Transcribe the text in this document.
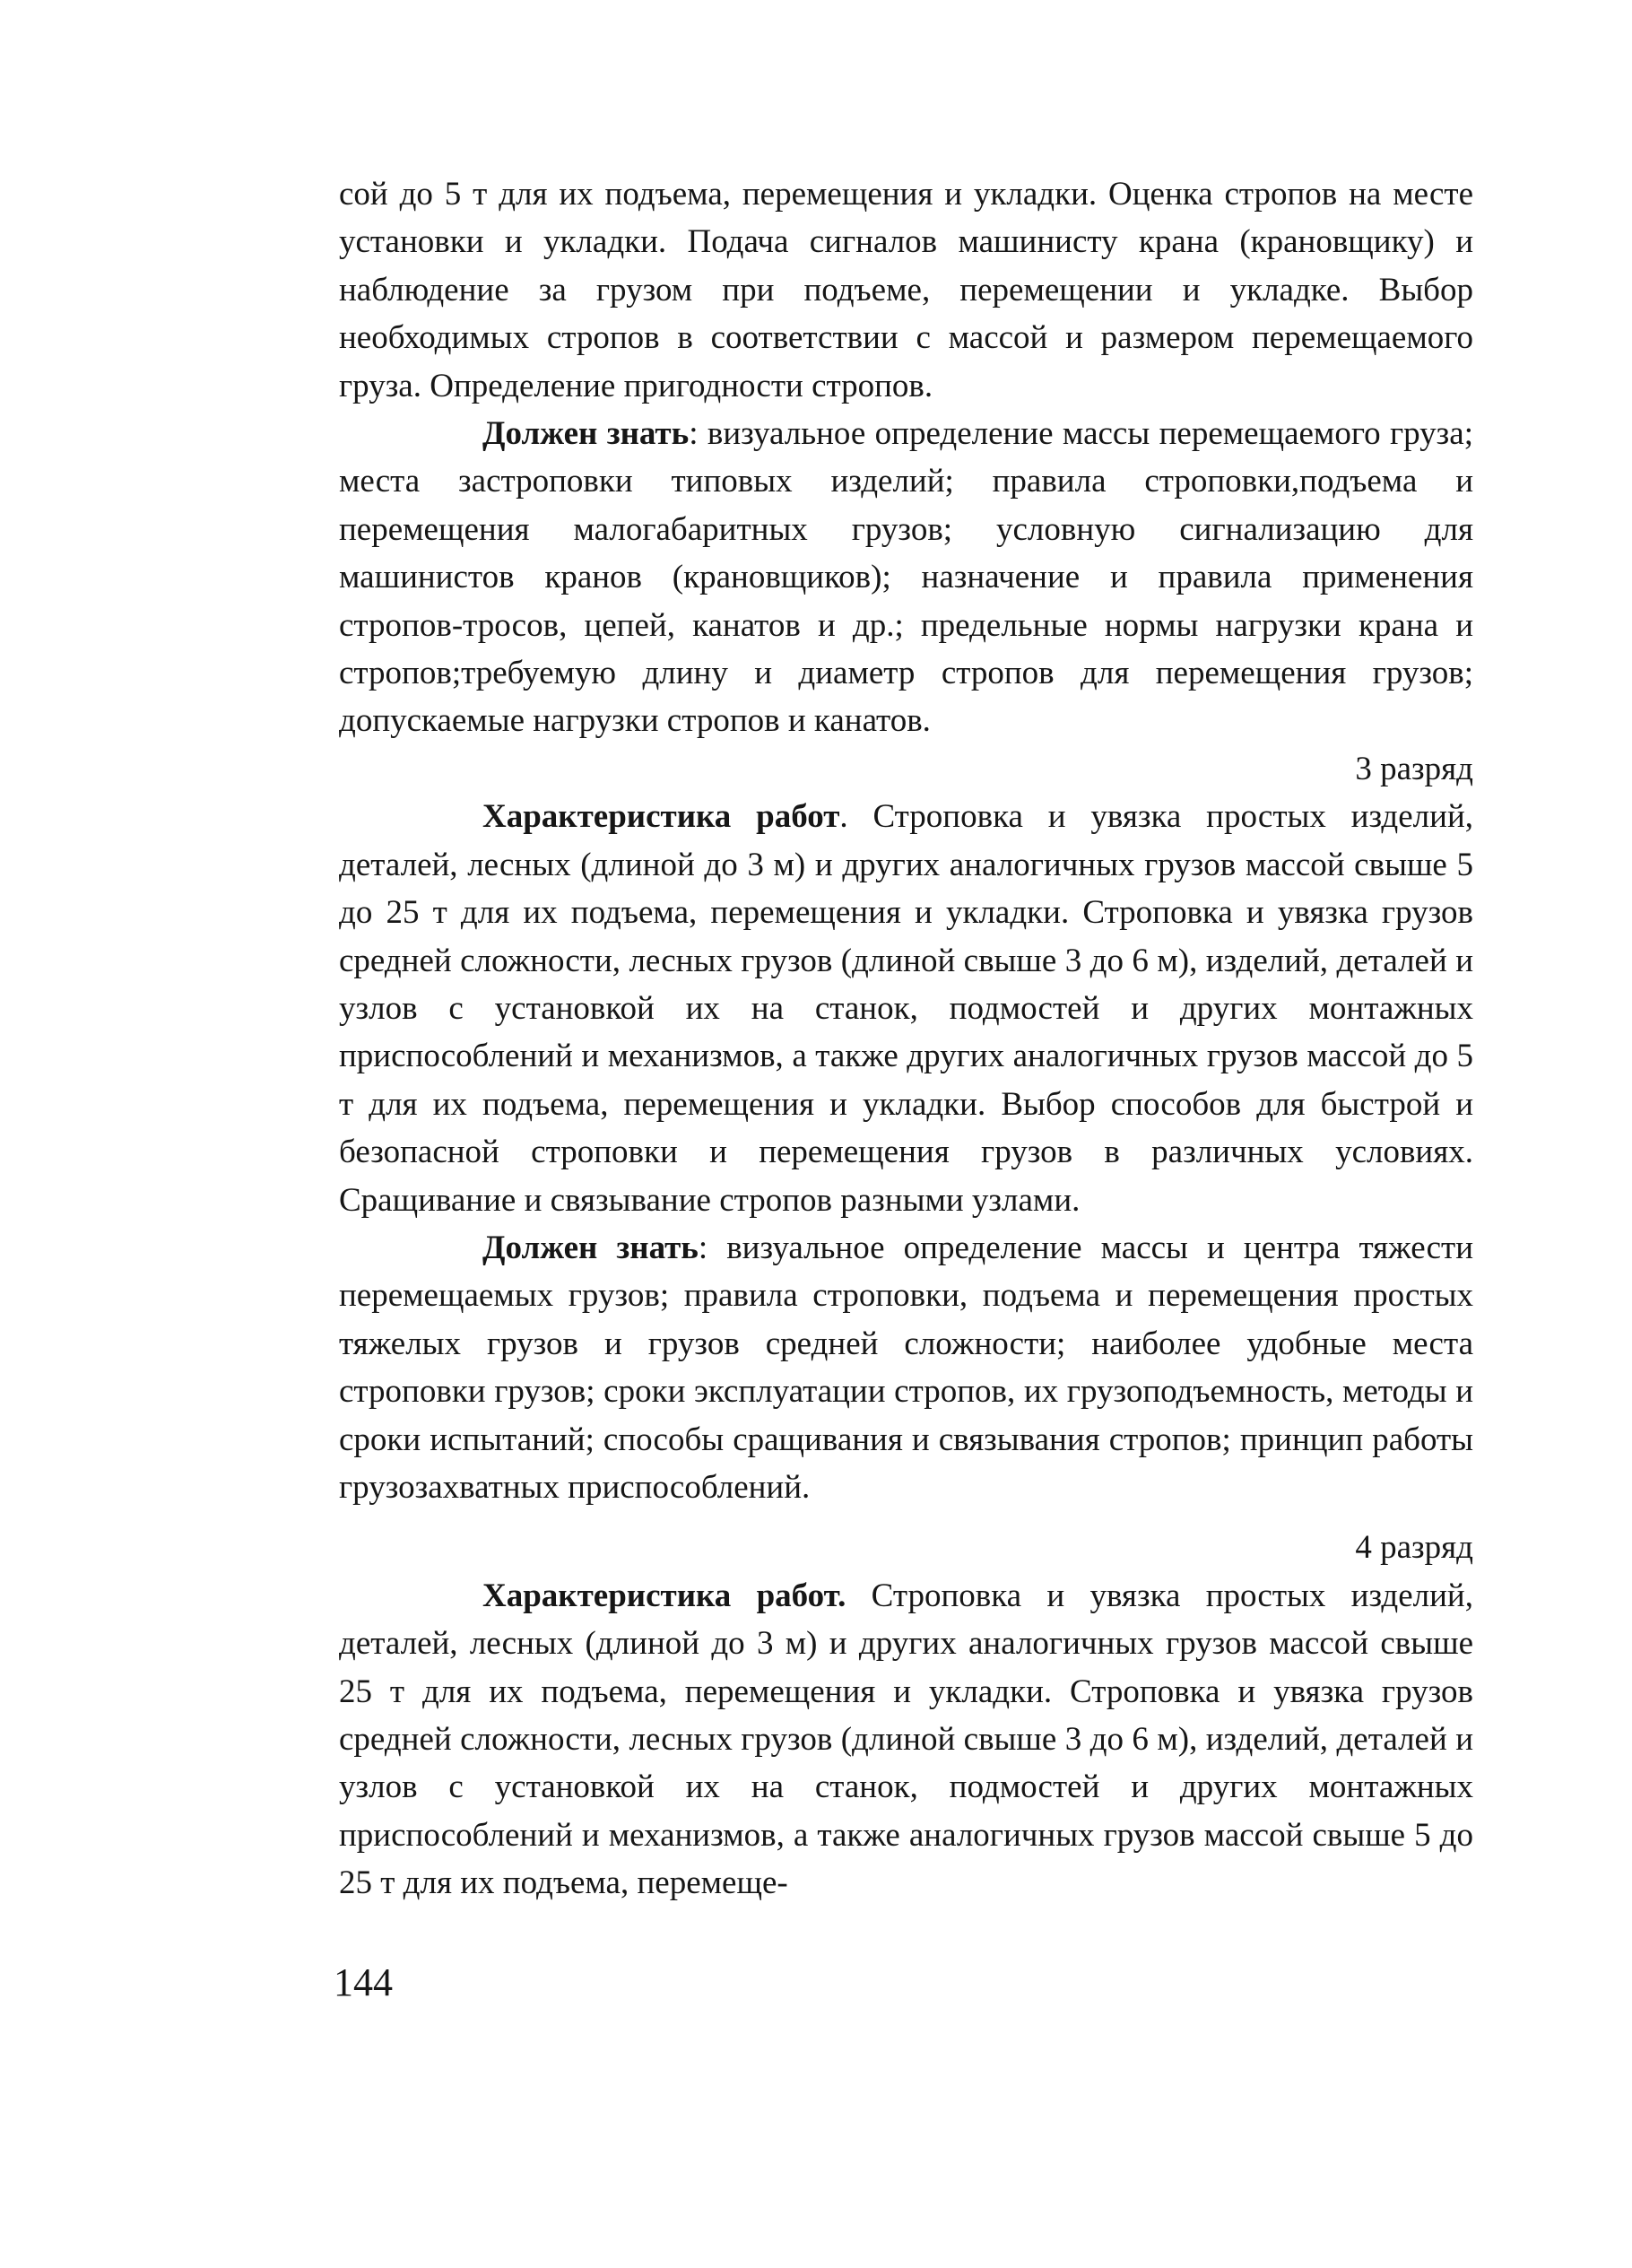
сой до 5 т для их подъема, перемещения и укладки. Оценка стропов на месте установки и укладки. Подача сигналов машинисту крана (крановщику) и наблюдение за грузом при подъеме, перемещении и укладке. Выбор необходимых стропов в соответствии с массой и размером перемещаемого груза. Определение пригодности стропов.

Должен знать: визуальное определение массы перемещаемого груза; места застроповки типовых изделий; правила строповки,подъема и перемещения малогабаритных грузов; условную сигнализацию для машинистов кранов (крановщиков); назначение и правила применения стропов-тросов, цепей, канатов и др.; предельные нормы нагрузки крана и стропов;требуемую длину и диаметр стропов для перемещения грузов; допускаемые нагрузки стропов и канатов.

3 разряд

Характеристика работ. Строповка и увязка простых изделий, деталей, лесных (длиной до 3 м) и других аналогичных грузов массой свыше 5 до 25 т для их подъема, перемещения и укладки. Строповка и увязка грузов средней сложности, лесных грузов (длиной свыше 3 до 6 м), изделий, деталей и узлов с установкой их на станок, подмостей и других монтажных приспособлений и механизмов, а также других аналогичных грузов массой до 5 т для их подъема, перемещения и укладки. Выбор способов для быстрой и безопасной строповки и перемещения грузов в различных условиях. Сращивание и связывание стропов разными узлами.

Должен знать: визуальное определение массы и центра тяжести перемещаемых грузов; правила строповки, подъема и перемещения простых тяжелых грузов и грузов средней сложности; наиболее удобные места строповки грузов; сроки эксплуатации стропов, их грузоподъемность, методы и сроки испытаний; способы сращивания и связывания стропов; принцип работы грузозахватных приспособлений.

4 разряд

Характеристика работ. Строповка и увязка простых изделий, деталей, лесных (длиной до 3 м) и других аналогичных грузов массой свыше 25 т для их подъема, перемещения и укладки. Строповка и увязка грузов средней сложности, лесных грузов (длиной свыше 3 до 6 м), изделий, деталей и узлов с установкой их на станок, подмостей и других монтажных приспособлений и механизмов, а также аналогичных грузов массой свыше 5 до 25 т для их подъема, перемеще-

144
